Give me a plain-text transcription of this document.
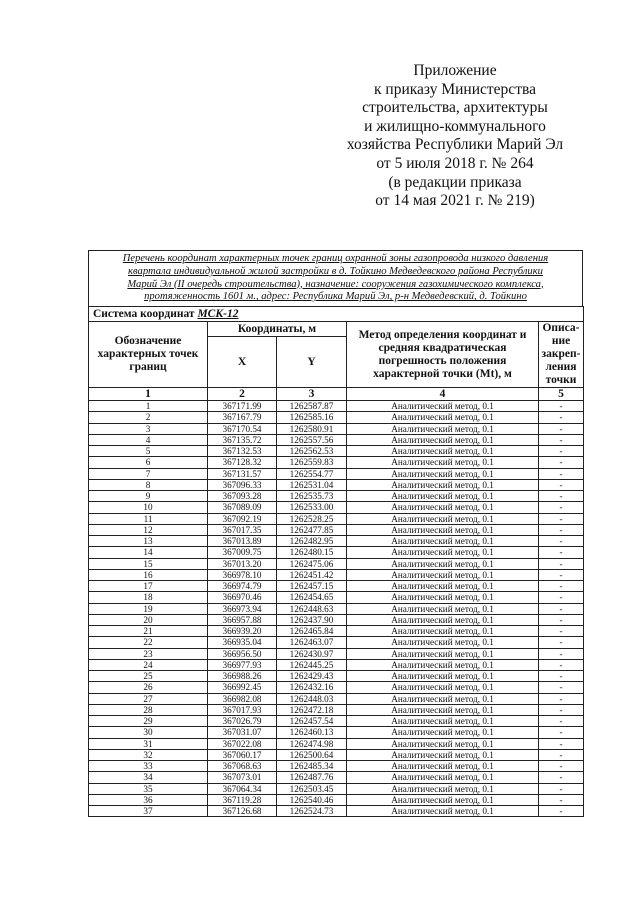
Приложение
к приказу Министерства
строительства, архитектуры
и жилищно-коммунального
хозяйства Республики Марий Эл
от 5 июля 2018 г. № 264
(в редакции приказа
от 14 мая 2021 г. № 219)
Перечень координат характерных точек границ охранной зоны газопровода низкого давления
квартала индивидуальной жилой застройки в д. Тойкино Медведевского района Республики
Марий Эл (II очередь строительства), назначение: сооружения газохимического комплекса,
протяженность 1601 м., адрес: Республика Марий Эл, р-н Медведевский, д. Тойкино
Система координат МСК-12				
Обозначение характерных точек границ	Координаты, м		Метод определения координат и средняя квадратическая погрешность положения характерной точки (Mt), м	Описа-ние закреп-ления точки
	X	Y		
1	2	3	4	5
1	367171.99	1262587.87	Аналитический метод, 0.1	-
2	367167.79	1262585.16	Аналитический метод, 0.1	-
3	367170.54	1262580.91	Аналитический метод, 0.1	-
4	367135.72	1262557.56	Аналитический метод, 0.1	-
5	367132.53	1262562.53	Аналитический метод, 0.1	-
6	367128.32	1262559.83	Аналитический метод, 0.1	-
7	367131.57	1262554.77	Аналитический метод, 0.1	-
8	367096.33	1262531.04	Аналитический метод, 0.1	-
9	367093.28	1262535.73	Аналитический метод, 0.1	-
10	367089.09	1262533.00	Аналитический метод, 0.1	-
11	367092.19	1262528.25	Аналитический метод, 0.1	-
12	367017.35	1262477.85	Аналитический метод, 0.1	-
13	367013.89	1262482.95	Аналитический метод, 0.1	-
14	367009.75	1262480.15	Аналитический метод, 0.1	-
15	367013.20	1262475.06	Аналитический метод, 0.1	-
16	366978.10	1262451.42	Аналитический метод, 0.1	-
17	366974.79	1262457.15	Аналитический метод, 0.1	-
18	366970.46	1262454.65	Аналитический метод, 0.1	-
19	366973.94	1262448.63	Аналитический метод, 0.1	-
20	366957.88	1262437.90	Аналитический метод, 0.1	-
21	366939.20	1262465.84	Аналитический метод, 0.1	-
22	366935.04	1262463.07	Аналитический метод, 0.1	-
23	366956.50	1262430.97	Аналитический метод, 0.1	-
24	366977.93	1262445.25	Аналитический метод, 0.1	-
25	366988.26	1262429.43	Аналитический метод, 0.1	-
26	366992.45	1262432.16	Аналитический метод, 0.1	-
27	366982.08	1262448.03	Аналитический метод, 0.1	-
28	367017.93	1262472.18	Аналитический метод, 0.1	-
29	367026.79	1262457.54	Аналитический метод, 0.1	-
30	367031.07	1262460.13	Аналитический метод, 0.1	-
31	367022.08	1262474.98	Аналитический метод, 0.1	-
32	367060.17	1262500.64	Аналитический метод, 0.1	-
33	367068.63	1262485.34	Аналитический метод, 0.1	-
34	367073.01	1262487.76	Аналитический метод, 0.1	-
35	367064.34	1262503.45	Аналитический метод, 0.1	-
36	367119.28	1262540.46	Аналитический метод, 0.1	-
37	367126.68	1262524.73	Аналитический метод, 0.1	-
